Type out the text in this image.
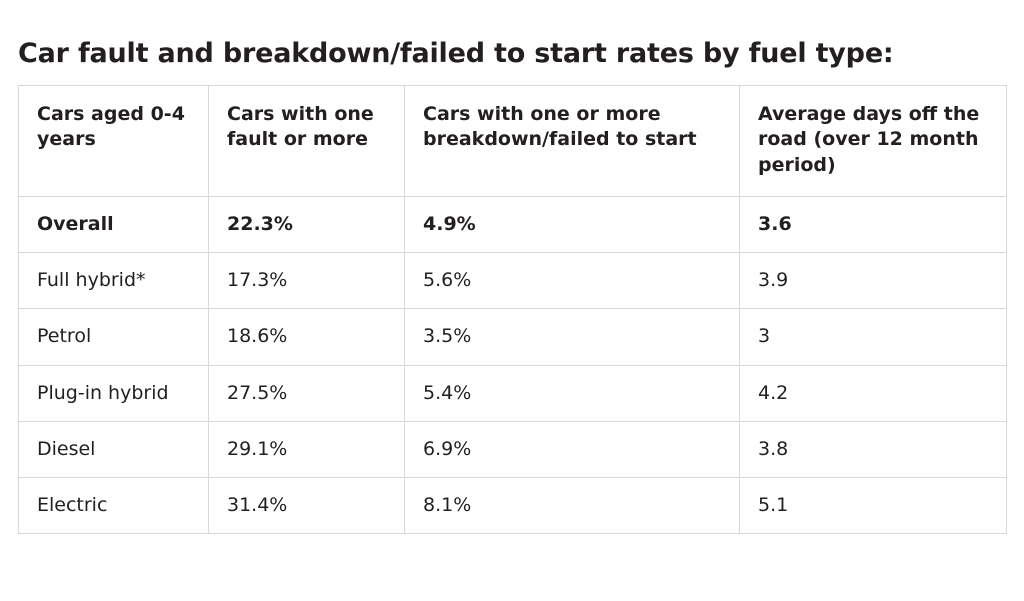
Car fault and breakdown/failed to start rates by fuel type:
Cars aged 0-4 years	Cars with one fault or more	Cars with one or more breakdown/failed to start	Average days off the road (over 12 month period)
Overall	22.3%	4.9%	3.6
Full hybrid*	17.3%	5.6%	3.9
Petrol	18.6%	3.5%	3
Plug-in hybrid	27.5%	5.4%	4.2
Diesel	29.1%	6.9%	3.8
Electric	31.4%	8.1%	5.1
